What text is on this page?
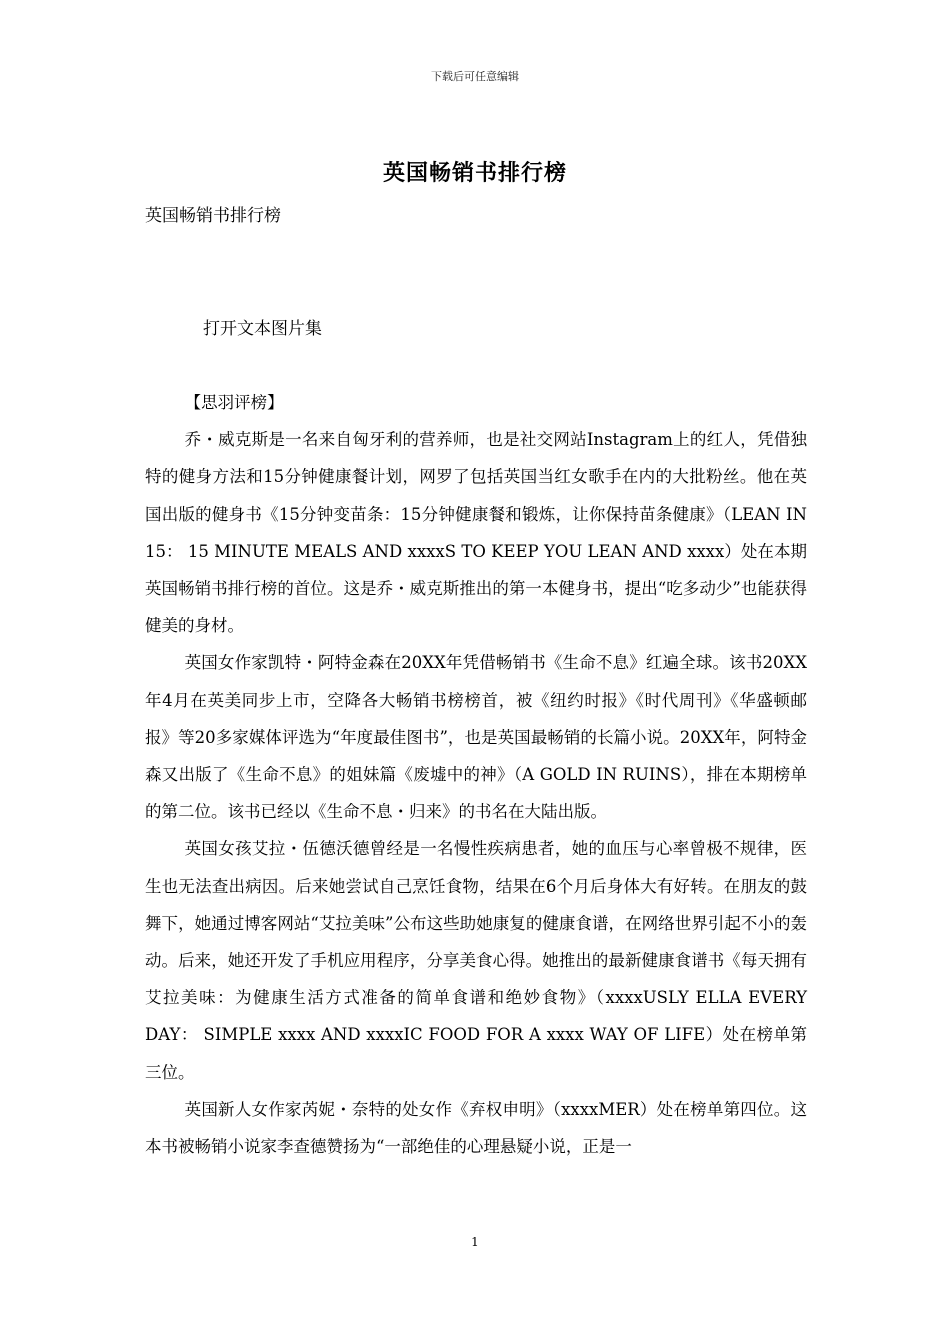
下载后可任意编辑
英国畅销书排行榜
英国畅销书排行榜
打开文本图片集

【思羽评榜】

乔・威克斯是一名来自匈牙利的营养师，也是社交网站Instagram上的红人，凭借独特的健身方法和15分钟健康餐计划，网罗了包括英国当红女歌手在内的大批粉丝。他在英国出版的健身书《15分钟变苗条：15分钟健康餐和锻炼，让你保持苗条健康》（LEAN IN 15： 15 MINUTE MEALS AND xxxxS TO KEEP YOU LEAN AND xxxx）处在本期英国畅销书排行榜的首位。这是乔・威克斯推出的第一本健身书，提出“吃多动少”也能获得健美的身材。

英国女作家凯特・阿特金森在20XX年凭借畅销书《生命不息》红遍全球。该书20XX年4月在英美同步上市，空降各大畅销书榜榜首，被《纽约时报》《时代周刊》《华盛顿邮报》等20多家媒体评选为“年度最佳图书”，也是英国最畅销的长篇小说。20XX年，阿特金森又出版了《生命不息》的姐妹篇《废墟中的神》（A GOLD IN RUINS），排在本期榜单的第二位。该书已经以《生命不息・归来》的书名在大陆出版。

英国女孩艾拉・伍德沃德曾经是一名慢性疾病患者，她的血压与心率曾极不规律，医生也无法查出病因。后来她尝试自己烹饪食物，结果在6个月后身体大有好转。在朋友的鼓舞下，她通过博客网站“艾拉美味”公布这些助她康复的健康食谱，在网络世界引起不小的轰动。后来，她还开发了手机应用程序，分享美食心得。她推出的最新健康食谱书《每天拥有艾拉美味：为健康生活方式准备的简单食谱和绝妙食物》（xxxxUSLY ELLA EVERY DAY： SIMPLE xxxx AND xxxxIC FOOD FOR A xxxx WAY OF LIFE）处在榜单第三位。

英国新人女作家芮妮・奈特的处女作《弃权申明》（xxxxMER）处在榜单第四位。这本书被畅销小说家李查德赞扬为“一部绝佳的心理悬疑小说，正是一

1
